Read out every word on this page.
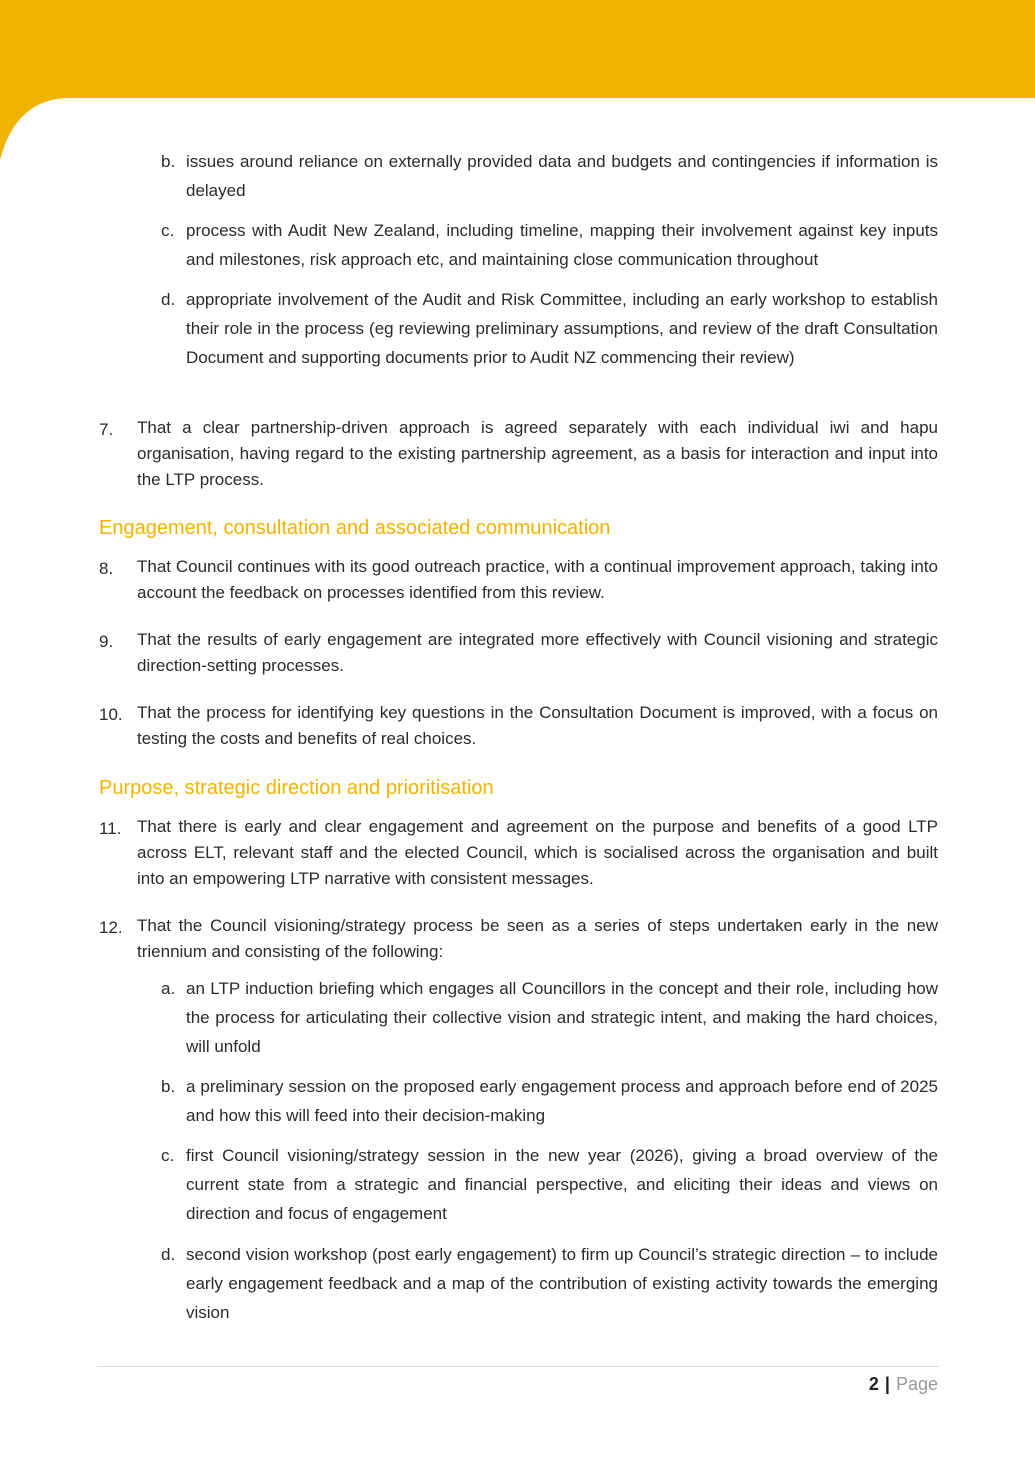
b. issues around reliance on externally provided data and budgets and contingencies if information is delayed
c. process with Audit New Zealand, including timeline, mapping their involvement against key inputs and milestones, risk approach etc, and maintaining close communication throughout
d. appropriate involvement of the Audit and Risk Committee, including an early workshop to establish their role in the process (eg reviewing preliminary assumptions, and review of the draft Consultation Document and supporting documents prior to Audit NZ commencing their review)
7.	That a clear partnership-driven approach is agreed separately with each individual iwi and hapu organisation, having regard to the existing partnership agreement, as a basis for interaction and input into the LTP process.
Engagement, consultation and associated communication
8.	That Council continues with its good outreach practice, with a continual improvement approach, taking into account the feedback on processes identified from this review.
9.	That the results of early engagement are integrated more effectively with Council visioning and strategic direction-setting processes.
10. That the process for identifying key questions in the Consultation Document is improved, with a focus on testing the costs and benefits of real choices.
Purpose, strategic direction and prioritisation
11. That there is early and clear engagement and agreement on the purpose and benefits of a good LTP across ELT, relevant staff and the elected Council, which is socialised across the organisation and built into an empowering LTP narrative with consistent messages.
12. That the Council visioning/strategy process be seen as a series of steps undertaken early in the new triennium and consisting of the following:
a. an LTP induction briefing which engages all Councillors in the concept and their role, including how the process for articulating their collective vision and strategic intent, and making the hard choices, will unfold
b. a preliminary session on the proposed early engagement process and approach before end of 2025 and how this will feed into their decision-making
c. first Council visioning/strategy session in the new year (2026), giving a broad overview of the current state from a strategic and financial perspective, and eliciting their ideas and views on direction and focus of engagement
d. second vision workshop (post early engagement) to firm up Council’s strategic direction – to include early engagement feedback and a map of the contribution of existing activity towards the emerging vision
2 | Page
